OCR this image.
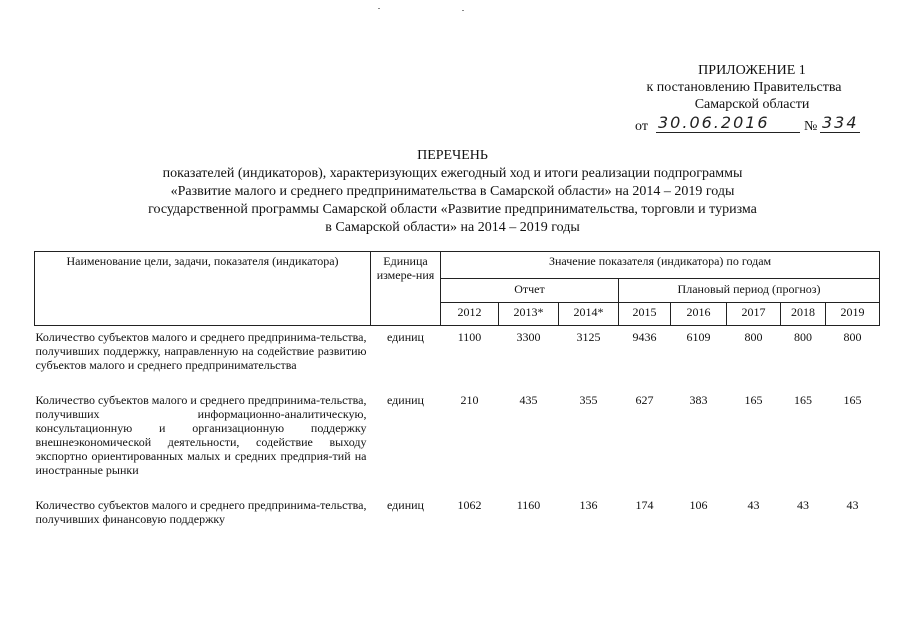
ПРИЛОЖЕНИЕ 1
к постановлению Правительства
Самарской области
от 30.06.2016 № 334
ПЕРЕЧЕНЬ
показателей (индикаторов), характеризующих ежегодный ход и итоги реализации подпрограммы
«Развитие малого и среднего предпринимательства в Самарской области» на 2014 – 2019 годы
государственной программы Самарской области «Развитие предпринимательства, торговли и туризма
в Самарской области» на 2014 – 2019 годы
Наименование цели, задачи, показателя (индикатора)	Единица измере-ния	Значение показателя (индикатора) по годам							
		Отчет			Плановый период (прогноз)				
		2012	2013*	2014*	2015	2016	2017	2018	2019

Количество субъектов малого и среднего предпринима-тельства, получивших поддержку, направленную на содействие развитию субъектов малого и среднего предпринимательства	единиц	1100	3300	3125	9436	6109	800	800	800

Количество субъектов малого и среднего предпринима-тельства, получивших информационно-аналитическую, консультационную и организационную поддержку внешнеэкономической деятельности, содействие выходу экспортно ориентированных малых и средних предприя-тий на иностранные рынки	единиц	210	435	355	627	383	165	165	165

Количество субъектов малого и среднего предпринима-тельства, получивших финансовую поддержку	единиц	1062	1160	136	174	106	43	43	43
